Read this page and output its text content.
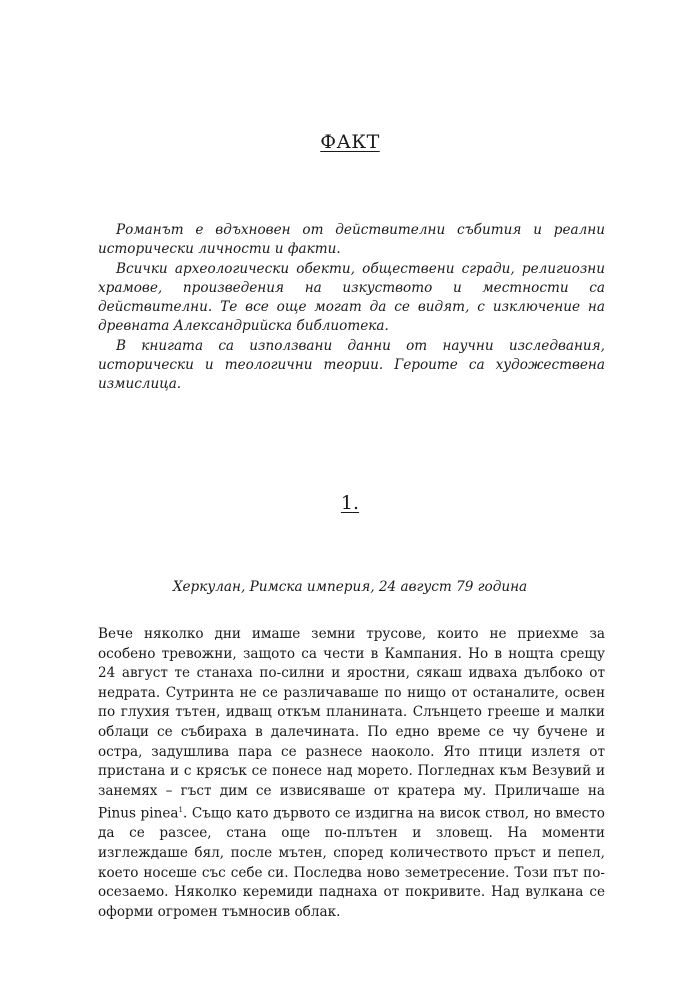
ФАКТ

Романът е вдъхновен от действителни събития и реални исторически личности и факти.

Всички археологически обекти, обществени сгради, религиозни храмове, произведения на изкуството и местности са действителни. Те все още могат да се видят, с изключение на древната Александрийска библиотека.

В книгата са използвани данни от научни изследвания, исторически и теологични теории. Героите са художествена измислица.

1.
Херкулан, Римска империя, 24 август 79 година

Вече няколко дни имаше земни трусове, които не приехме за особено тревожни, защото са чести в Кампания. Но в нощта срещу 24 август те станаха по-силни и яростни, сякаш идваха дълбоко от недрата. Сутринта не се различаваше по нищо от останалите, освен по глухия тътен, идващ откъм планината. Слънцето грееше и малки облаци се събираха в далечината. По едно време се чу бучене и остра, задушлива пара се разнесе наоколо. Ято птици излетя от пристана и с крясък се понесе над морето. Погледнах към Везувий и занемях – гъст дим се извисяваше от кратера му. Приличаше на Pinus pinea$^1$. Също като дървото се издигна на висок ствол, но вместо да се разсее, стана още по-плътен и зловещ. На моменти изглеждаше бял, после мътен, според количеството пръст и пепел, което носеше със себе си. Последва ново земетресение. Този път по-осезаемо. Няколко керемиди паднаха от покривите. Над вулкана се оформи огромен тъмносив облак.
